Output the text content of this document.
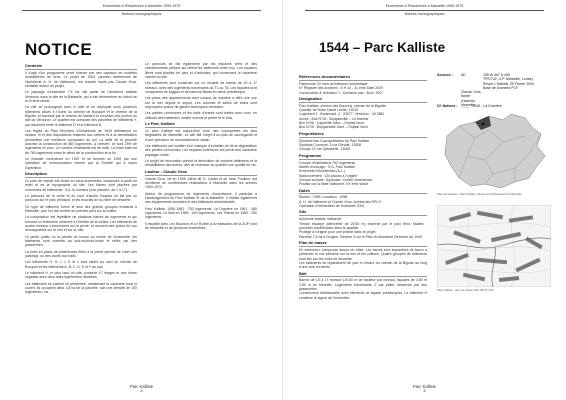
Ensembles & Résidences à Marseille 1955-1975
Notices monographiques
NOTICE
Contexte

Il s'agit d'un programme privé financé par des capitaux de sociétés immobilières de liens. Le projet de 1954, (années antérieures de l'architecte A. H. de Valbonne), est ensuite repris par Claude Gros, véritable auteur du projet.

Le paysage d'ensemble 7.5 ha, fait partie de l'ancienne bastide Verduron dans le site de la Batarelle, qui a été démembrée au début de la III ème siècle.

La cité se prolongeait avec à côté et se déployait sous plusieurs bâtiments situés à l'ouest du chemin de Bouquet et le chemin de la Bigotte; et traversé par le chemin de Mallard et couvrant une portion du site du Verduron. Le quartier est composé des parcelles de bâtiments Y, qui dominent entre le bâtiment G et le bâtiment H.

Les règles du Plan Directeur d'Urbanisme de 1949 définissent un secteur III et des dispositions relatives aux celliers et à la densification permettant une meilleure occupation du sol. La taille de la parcelle autorise la construction de 860 logements. A l'arrivée, ce sont 25% de logements en plus. Le nombre d'habitants est de mille. Le bilan total est de 760 logements entre le début de la construction et la fin.

Le chantier commence en 1957 et se termine en 1962 par une opération de restructuration menée par la Société qui a repris l'opération.

Description

Le plan de masse est divisé en sous-ensembles, composés à partir du relief et de la topographie du site. Les barres sont placées par couronnes de bâtiments - 8 à 10 niveaux (voir planche, de 1 à 17).

Le parcours de la voirie et du rond d'accès l'espace se fait par un parcours sur le parc principal, et les boucles de la voirie de desserte.

Ce type de bâtiment forme le seul des grands groupes existants à Marseille, que l'on fait revenir de prendre pied sur la colline.

La composition est répétitive de plusieurs barres de logements et qui forment un ensemble cohérent à l'échelle de la colline. Les bâtiments de quatre niveaux s'accrochent sur la pente, et donnent des points de vue remarquables sur la mer et sur la ville.

Le jardin public ou la pinède se trouve au centre de l'ensemble, les bâtiments sont orientés au sud-est/nord-ouest et reliés par des passerelles.

La mise en place de plateformes liées à la pente permet de créer des parkings, ou des accès aux halls.

Les bâtiments G, H, I, J, K et L sont situés au nord du chemin de Bouquet et les bâtiments A, B, C, D, E et F au sud.

Le bâtiment H, le plus haut du site, possède 17 étages et une forme originale avec deux ailes légèrement décalées.

Les bâtiments se placent en périphérie, maintenant le caractère rural et ouvert, ils occupent ainsi 1,8 ha de la parcelle, soit une densité de 100 logements / ha.

Le parcours se fait également par les espaces verts et des cheminements piétons qui relient les bâtiments entre eux. Les espaces libres sont plantés de pins et d'arbustes, qui conservent le caractère naturel du site.

Les bâtiments sont construits sur un modèle de barres de 10 à 17 niveaux, avec des logements traversants du T1 au T5. Les façades sont composées de loggias et de balcons filants en béton préfabriqué.

Les plans des appartements sont conçus de manière à offrir une vue sur la mer depuis le séjour. Les cuisines et salles de bains sont regroupées autour de gaines techniques centrales.

Les parties communes et les halls d'entrée sont traités avec soin, en utilisant des matériaux nobles comme la pierre et le bois.

Le Parc Kalliste

Le parc Kalliste est aujourd'hui l'une des copropriétés les plus dégradées de Marseille. Le site fait l'objet d'un plan de sauvegarde et d'une opération de renouvellement urbain.

Les bâtiments ont souffert d'un manque d'entretien et de la dégradation des parties communes. Les espaces extérieurs ont perdu leur caractère paysager initial.

Le projet de rénovation prévoit la démolition de certains bâtiments et la réhabilitation des autres, afin de redonner au quartier une qualité de vie.

Lauteur : Claude Gros

Claude Gros, né en 1925, élève de G. Castel et de Jean Pouillon, est architecte de nombreuses réalisations à Marseille dans les années 1950-1970.

Auteur de programmes de logements d'importance, il participe à l'aménagement du Parc Kalliste et de la Batarelle. Il réalise également des équipements scolaires et des bâtiments administratifs.

Parc Kalliste, 1956-1962 : 753 logements, La Granière en 1961 : 365 logements, Le Mail en 1965 : 420 logements, Les Tilleuls en 1969 : 250 logements.

Il travaille avec Léo Bourdon et Le Ruelle à la réalisation de la ZUP nord de Marseille et de plusieurs ensembles.

Parc Kalliste
4
Ensembles & Résidences à Marseille 1955-1975
Notices monographiques
1544 – Parc Kalliste
Références documentaires
Patrimoine XX ème architecture domestique
N° Registre des Archives : 5 H 44 - 31 ème Date 2009
Convocation & réduction 1 : Domaine pas : Arch. 2007
Désignation
Parc Kalliste, chemin des Bourrely, chemin de la Bigotte
Quartier de Notre Dame Limite, 13015
Logement 1 : Boulevard, 2 : 23077, Verduron : 45 2881
Accès : Bus N°26 : Bougainville – La Martine
Bus N°96 : Capelette Gare – Hôpital Nord
Bus N°25 : Bougainville Gare – Hôpital Nord
Propriétaires
Syndicat des Copropriétaires du Parc Kalliste
Syndicat Commun, 3 rue Dieudé, 13006
Groupe 21 rue Sylvabelle, 13006
Programme
Groupe d'habitations 752 logements
Maître d'ouvrage : S.A. Parc Kalliste
Ensemble d'Architectes (A.L.)
Stationnement : 120 places à l'origine
Groupe scolaire, Gymnase, Centre commercial
Position de la bâtie Valbonne, XX ème siècle
Dates
Études : 1955, Livraison : 1958
A. H. de Valbonne et Claude Gros, architectes DPLG
Opération d'immeubles de l'Industrie 2002
Site
Ancienne bastide Valbonne
Terrain escarpé (dénivelée de 25,60 m) traversé par le parc fleur. Mailles : parcelles insuffisantes dans le quartier.
Protégé à l'origine pour une pinède dans le projet.
Parcelle 7,5 ha à l'origine. Secteur 3 sur le Plan d'Urbanisme Directeur de 1949.
Plan de masse
En extension, composée autour du relief. Les barres sont implantées de façon à préserver la vue lointaine sur la mer et les collines. Quatre groupes de bâtiments sont liés par les voies de desserte.
Les bâtiments se répartissent de part et d'autre du chemin de la Bigotte au long d'une voie en lacets.
Bâti
Barres de 10 à 17 niveaux (10,50 m de hauteur par niveau), façades de 3,80 et 2,80 m en travertin. Logements traversants. 2 par palier, desservis par des passerelles.
Construction traditionnelle avec éléments de façade préfabriqués. Le bâtiment H constitue le signal de l'ensemble.
Sources :	AD	155 W 467 & 496
TPE/742, U.P. Marseille, Lumiey
Revue L'Habitat, 25 Février 2004
Base de données PCF
Claude Gros, fichier d'actions, Marseille
Cf. Notices :	1545 - La Granière
Plan de situation : Parc Kalliste, 15ème arrondissement de Marseille
Parc Kalliste : plan de masse (AD 155 W 467)
Parc Kalliste
5
